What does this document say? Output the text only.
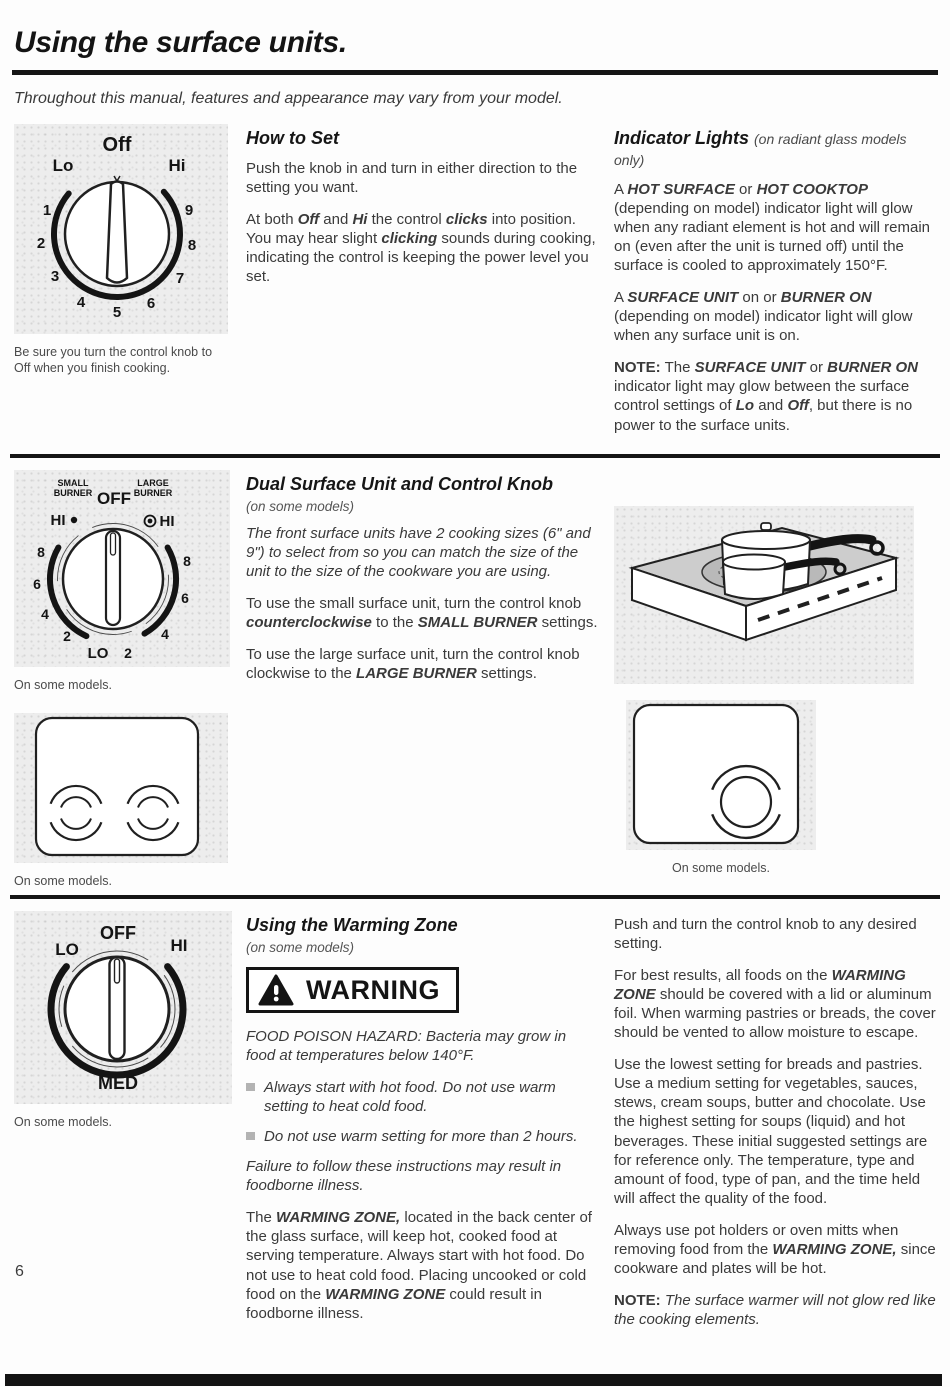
Using the surface units.

Throughout this manual, features and appearance may vary from your model.

Off
Lo	Hi
1
2
3
4
5
6
7
8
9

Be sure you turn the control knob to Off when you finish cooking.

How to Set

Push the knob in and turn in either direction to the setting you want.

At both Off and Hi the control clicks into position. You may hear slight clicking sounds during cooking, indicating the control is keeping the power level you set.

Indicator Lights (on radiant glass models only)

A HOT SURFACE or HOT COOKTOP (depending on model) indicator light will glow when any radiant element is hot and will remain on (even after the unit is turned off) until the surface is cooled to approximately 150°F.

A SURFACE UNIT on or BURNER ON (depending on model) indicator light will glow when any surface unit is on.

NOTE: The SURFACE UNIT or BURNER ON indicator light may glow between the surface control settings of Lo and Off, but there is no power to the surface units.

SMALL
BURNER
LARGE
BURNER
OFF
HI	HI
8
6
4
2
8
6
4
2
LO

On some models.

On some models.

Dual Surface Unit and Control Knob
(on some models)

The front surface units have 2 cooking sizes (6" and 9") to select from so you can match the size of the unit to the size of the cookware you are using.

To use the small surface unit, turn the control knob counterclockwise to the SMALL BURNER settings.

To use the large surface unit, turn the control knob clockwise to the LARGE BURNER settings.

On some models.

LO
OFF
HI
MED

On some models.

Using the Warming Zone
(on some models)
WARNING

FOOD POISON HAZARD: Bacteria may grow in food at temperatures below 140°F.

Always start with hot food. Do not use warm setting to heat cold food.
Do not use warm setting for more than 2 hours.

Failure to follow these instructions may result in foodborne illness.

The WARMING ZONE, located in the back center of the glass surface, will keep hot, cooked food at serving temperature. Always start with hot food. Do not use to heat cold food. Placing uncooked or cold food on the WARMING ZONE could result in foodborne illness.

Push and turn the control knob to any desired setting.

For best results, all foods on the WARMING ZONE should be covered with a lid or aluminum foil. When warming pastries or breads, the cover should be vented to allow moisture to escape.

Use the lowest setting for breads and pastries. Use a medium setting for vegetables, sauces, stews, cream soups, butter and chocolate. Use the highest setting for soups (liquid) and hot beverages. These initial suggested settings are for reference only. The temperature, type and amount of food, type of pan, and the time held will affect the quality of the food.

Always use pot holders or oven mitts when removing food from the WARMING ZONE, since cookware and plates will be hot.

NOTE: The surface warmer will not glow red like the cooking elements.

6
